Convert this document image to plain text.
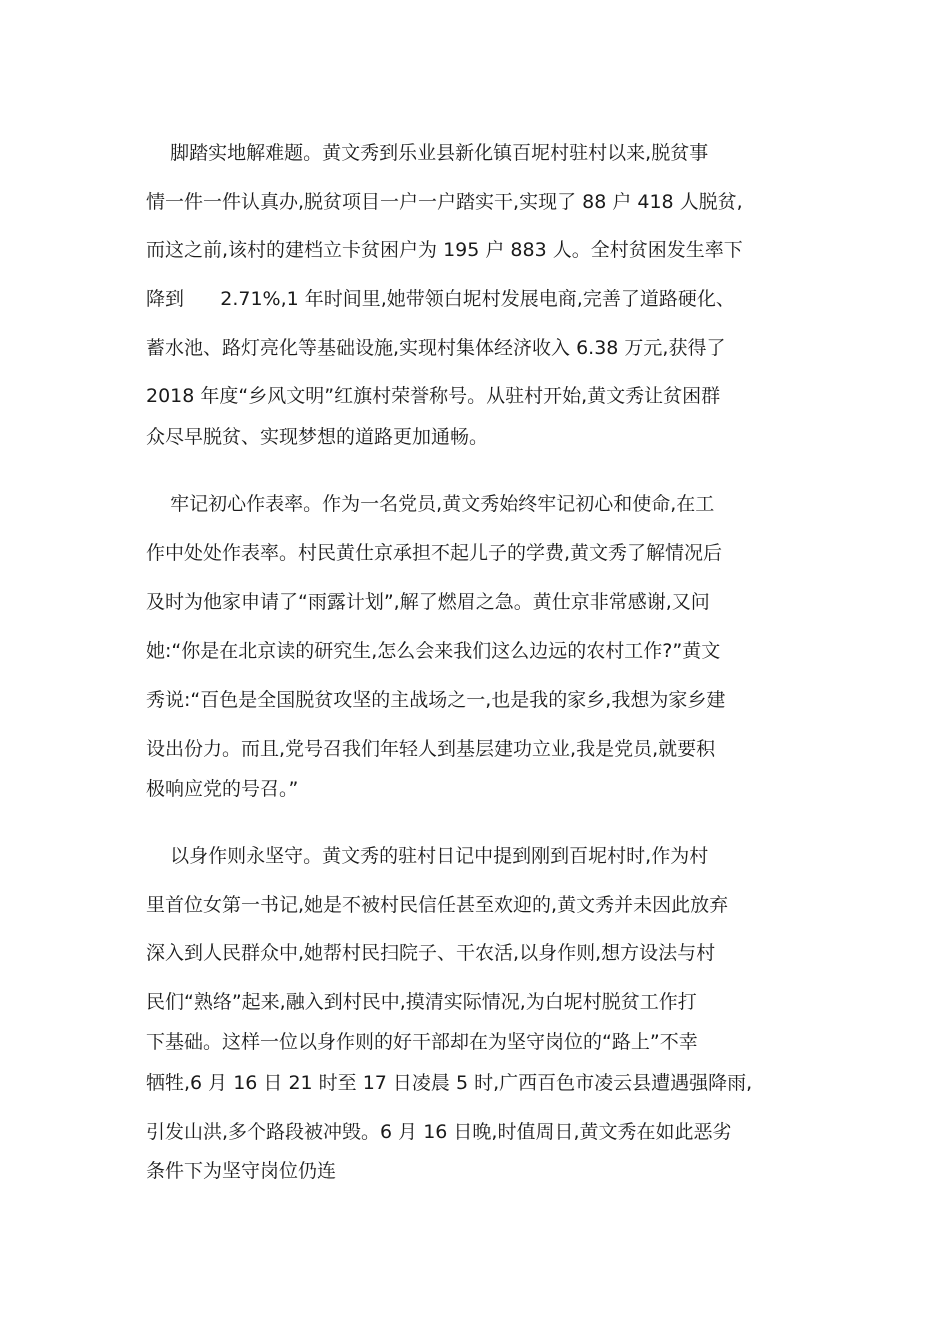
脚踏实地解难题。黄文秀到乐业县新化镇百坭村驻村以来,脱贫事

情一件一件认真办,脱贫项目一户一户踏实干,实现了 88 户 418 人脱贫,

而这之前,该村的建档立卡贫困户为 195 户 883 人。全村贫困发生率下

降到      2.71%,1 年时间里,她带领白坭村发展电商,完善了道路硬化、

蓄水池、路灯亮化等基础设施,实现村集体经济收入 6.38 万元,获得了

2018 年度“乡风文明”红旗村荣誉称号。从驻村开始,黄文秀让贫困群

众尽早脱贫、实现梦想的道路更加通畅。

牢记初心作表率。作为一名党员,黄文秀始终牢记初心和使命,在工

作中处处作表率。村民黄仕京承担不起儿子的学费,黄文秀了解情况后

及时为他家申请了“雨露计划”,解了燃眉之急。黄仕京非常感谢,又问

她:“你是在北京读的研究生,怎么会来我们这么边远的农村工作?”黄文

秀说:“百色是全国脱贫攻坚的主战场之一,也是我的家乡,我想为家乡建

设出份力。而且,党号召我们年轻人到基层建功立业,我是党员,就要积

极响应党的号召。”

以身作则永坚守。黄文秀的驻村日记中提到刚到百坭村时,作为村

里首位女第一书记,她是不被村民信任甚至欢迎的,黄文秀并未因此放弃

深入到人民群众中,她帮村民扫院子、干农活,以身作则,想方设法与村

民们“熟络”起来,融入到村民中,摸清实际情况,为白坭村脱贫工作打

下基础。这样一位以身作则的好干部却在为坚守岗位的“路上”不幸

牺牲,6 月 16 日 21 时至 17 日凌晨 5 时,广西百色市凌云县遭遇强降雨,

引发山洪,多个路段被冲毁。6 月 16 日晚,时值周日,黄文秀在如此恶劣

条件下为坚守岗位仍连
